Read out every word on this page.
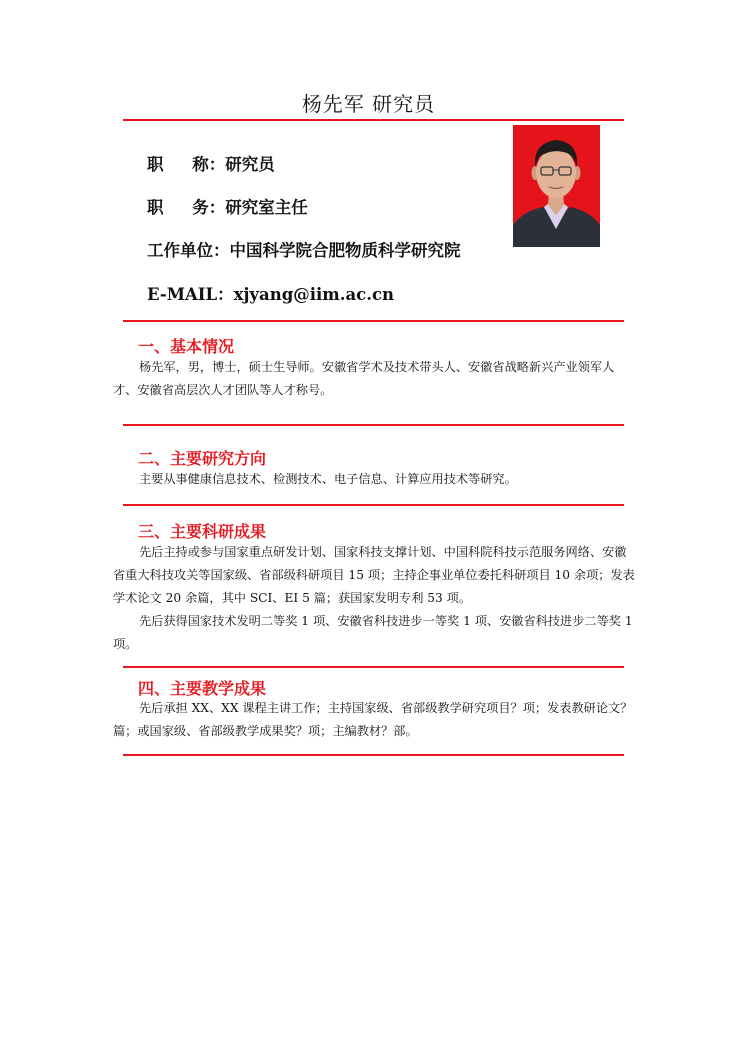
杨先军 研究员
职     称：研究员
职     务：研究室主任
工作单位：中国科学院合肥物质科学研究院
E-MAIL：xjyang@iim.ac.cn
一、基本情况

杨先军，男，博士，硕士生导师。安徽省学术及技术带头人、安徽省战略新兴产业领军人才、安徽省高层次人才团队等人才称号。

二、主要研究方向

主要从事健康信息技术、检测技术、电子信息、计算应用技术等研究。

三、主要科研成果

先后主持或参与国家重点研发计划、国家科技支撑计划、中国科院科技示范服务网络、安徽省重大科技攻关等国家级、省部级科研项目 15 项；主持企事业单位委托科研项目 10 余项；发表学术论文 20 余篇，其中 SCI、EI 5 篇；获国家发明专利 53 项。

先后获得国家技术发明二等奖 1 项、安徽省科技进步一等奖 1 项、安徽省科技进步二等奖 1 项。

四、主要教学成果

先后承担 XX、XX 课程主讲工作；主持国家级、省部级教学研究项目？项；发表教研论文？篇；或国家级、省部级教学成果奖？项；主编教材？部。
